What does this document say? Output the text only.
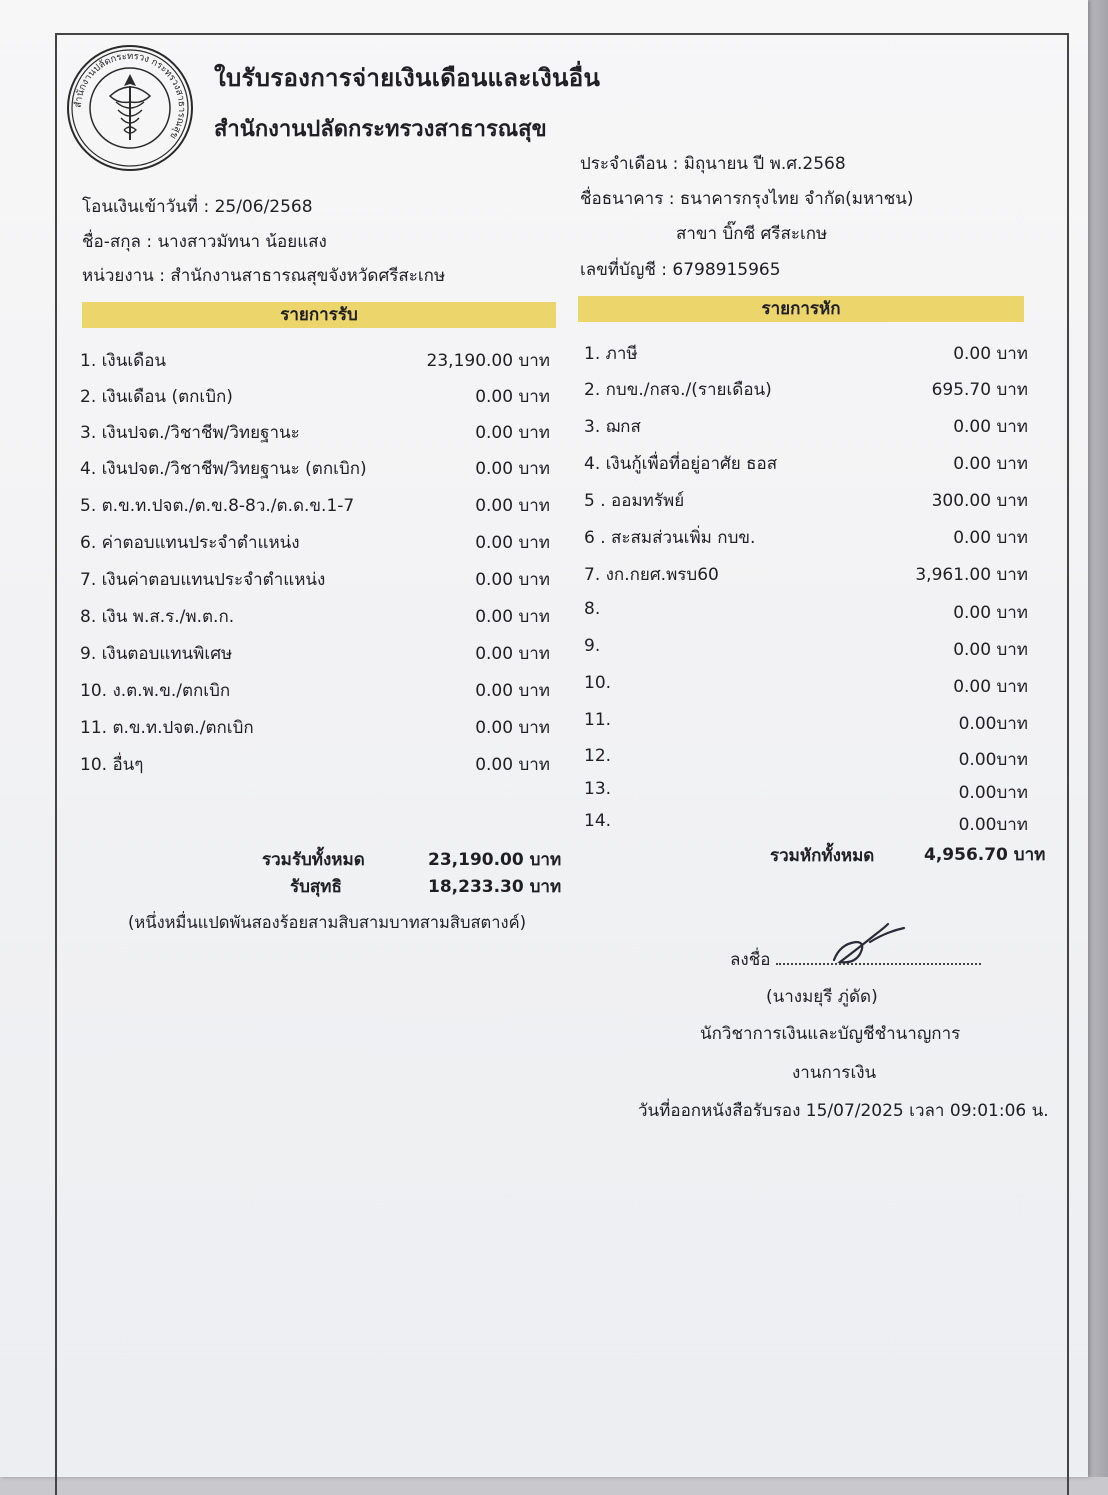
สำนักงานปลัดกระทรวง กระทรวงสาธารณสุข
ใบรับรองการจ่ายเงินเดือนและเงินอื่น
สำนักงานปลัดกระทรวงสาธารณสุข
ประจำเดือน : มิถุนายน ปี พ.ศ.2568
ชื่อธนาคาร : ธนาคารกรุงไทย จำกัด(มหาชน)
สาขา บิ๊กซี ศรีสะเกษ
เลขที่บัญชี : 6798915965
โอนเงินเข้าวันที่ : 25/06/2568
ชื่อ-สกุล : นางสาวมัทนา น้อยแสง
หน่วยงาน : สำนักงานสาธารณสุขจังหวัดศรีสะเกษ
รายการรับ	รายการหัก
1. เงินเดือน	23,190.00 บาท
2. เงินเดือน (ตกเบิก)	0.00 บาท
3. เงินปจต./วิชาชีพ/วิทยฐานะ	0.00 บาท
4. เงินปจต./วิชาชีพ/วิทยฐานะ (ตกเบิก)	0.00 บาท
5. ต.ข.ท.ปจต./ต.ข.8-8ว./ต.ด.ข.1-7	0.00 บาท
6. ค่าตอบแทนประจำตำแหน่ง	0.00 บาท
7. เงินค่าตอบแทนประจำตำแหน่ง	0.00 บาท
8. เงิน พ.ส.ร./พ.ต.ก.	0.00 บาท
9. เงินตอบแทนพิเศษ	0.00 บาท
10. ง.ต.พ.ข./ตกเบิก	0.00 บาท
11. ต.ข.ท.ปจต./ตกเบิก	0.00 บาท
10. อื่นๆ	0.00 บาท
1. ภาษี	0.00 บาท
2. กบข./กสจ./(รายเดือน)	695.70 บาท
3. ฌกส	0.00 บาท
4. เงินกู้เพื่อที่อยู่อาศัย ธอส	0.00 บาท
5 . ออมทรัพย์	300.00 บาท
6 . สะสมส่วนเพิ่ม กบข.	0.00 บาท
7. งก.กยศ.พรบ60	3,961.00 บาท
8.	0.00 บาท
9.	0.00 บาท
10.	0.00 บาท
11.	0.00บาท
12.	0.00บาท
13.	0.00บาท
14.	0.00บาท
รวมรับทั้งหมด	23,190.00 บาท
รับสุทธิ	18,233.30 บาท
(หนึ่งหมื่นแปดพันสองร้อยสามสิบสามบาทสามสิบสตางค์)
รวมหักทั้งหมด	4,956.70 บาท
ลงชื่อ
(นางมยุรี ภู่ดัด)
นักวิชาการเงินและบัญชีชำนาญการ
งานการเงิน
วันที่ออกหนังสือรับรอง 15/07/2025 เวลา 09:01:06 น.
